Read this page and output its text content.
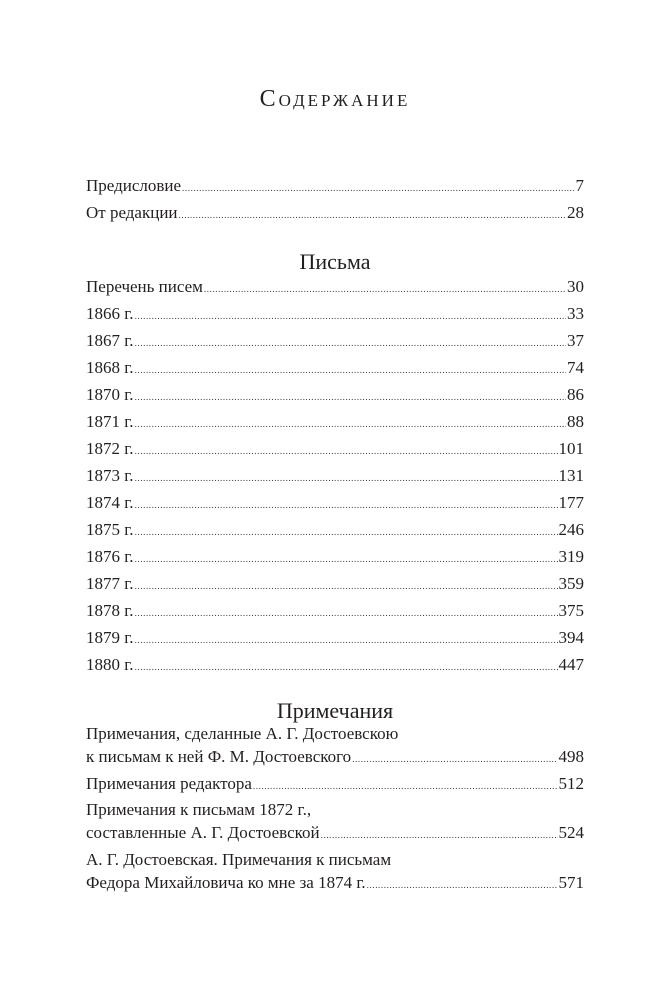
Содержание
Предисловие .....	7
От редакции .....	28
Письма
Перечень писем .....	30
1866 г. .....	33
1867 г. .....	37
1868 г. .....	74
1870 г. .....	86
1871 г. .....	88
1872 г. .....	101
1873 г. .....	131
1874 г. .....	177
1875 г. .....	246
1876 г. .....	319
1877 г. .....	359
1878 г. .....	375
1879 г. .....	394
1880 г. .....	447
Примечания
Примечания, сделанные А. Г. Достоевскою
к письмам к ней Ф. М. Достоевского .....	498
Примечания редактора .....	512
Примечания к письмам 1872 г.,
составленные А. Г. Достоевской .....	524
А. Г. Достоевская. Примечания к письмам
Федора Михайловича ко мне за 1874 г. .....	571
